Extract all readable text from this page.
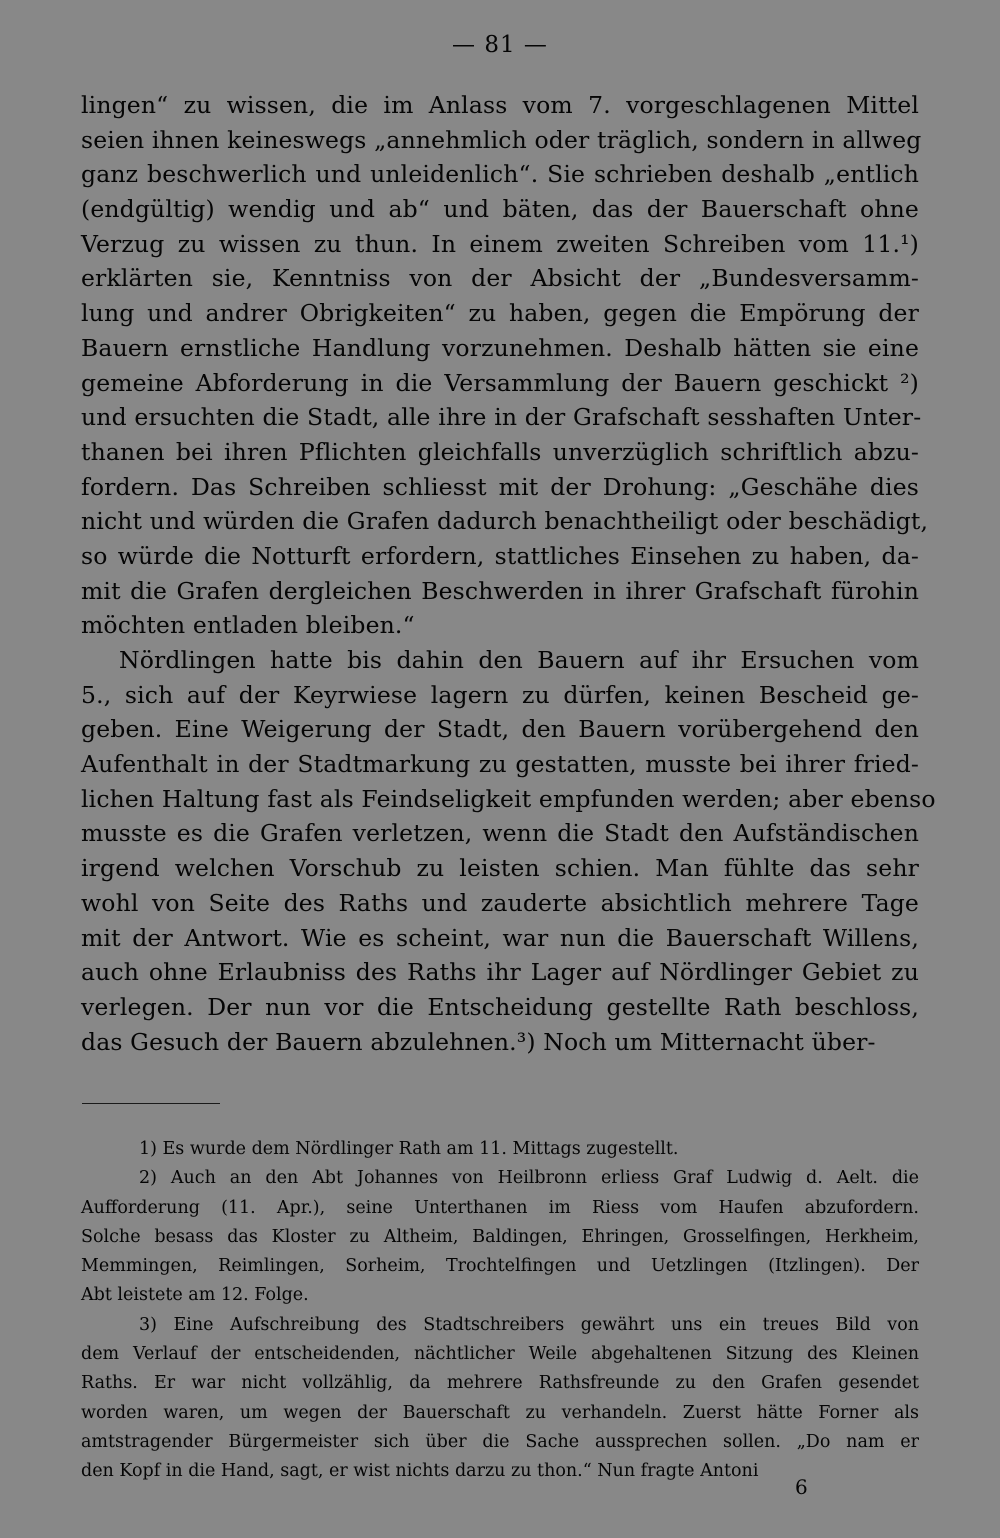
— 81 —
lingen“ zu wissen, die im Anlass vom 7. vorgeschlagenen Mittel
seien ihnen keineswegs „annehmlich oder träglich, sondern in allweg
ganz beschwerlich und unleidenlich“. Sie schrieben deshalb „entlich
(endgültig) wendig und ab“ und bäten, das der Bauerschaft ohne
Verzug zu wissen zu thun. In einem zweiten Schreiben vom 11.¹)
erklärten sie, Kenntniss von der Absicht der „Bundesversamm-
lung und andrer Obrigkeiten“ zu haben, gegen die Empörung der
Bauern ernstliche Handlung vorzunehmen. Deshalb hätten sie eine
gemeine Abforderung in die Versammlung der Bauern geschickt ²)
und ersuchten die Stadt, alle ihre in der Grafschaft sesshaften Unter-
thanen bei ihren Pflichten gleichfalls unverzüglich schriftlich abzu-
fordern. Das Schreiben schliesst mit der Drohung: „Geschähe dies
nicht und würden die Grafen dadurch benachtheiligt oder beschädigt,
so würde die Notturft erfordern, stattliches Einsehen zu haben, da-
mit die Grafen dergleichen Beschwerden in ihrer Grafschaft fürohin
möchten entladen bleiben.“
Nördlingen hatte bis dahin den Bauern auf ihr Ersuchen vom
5., sich auf der Keyrwiese lagern zu dürfen, keinen Bescheid ge-
geben. Eine Weigerung der Stadt, den Bauern vorübergehend den
Aufenthalt in der Stadtmarkung zu gestatten, musste bei ihrer fried-
lichen Haltung fast als Feindseligkeit empfunden werden; aber ebenso
musste es die Grafen verletzen, wenn die Stadt den Aufständischen
irgend welchen Vorschub zu leisten schien. Man fühlte das sehr
wohl von Seite des Raths und zauderte absichtlich mehrere Tage
mit der Antwort. Wie es scheint, war nun die Bauerschaft Willens,
auch ohne Erlaubniss des Raths ihr Lager auf Nördlinger Gebiet zu
verlegen. Der nun vor die Entscheidung gestellte Rath beschloss,
das Gesuch der Bauern abzulehnen.³) Noch um Mitternacht über-
1) Es wurde dem Nördlinger Rath am 11. Mittags zugestellt.
2) Auch an den Abt Johannes von Heilbronn erliess Graf Ludwig d. Aelt. die
Aufforderung (11. Apr.), seine Unterthanen im Riess vom Haufen abzufordern.
Solche besass das Kloster zu Altheim, Baldingen, Ehringen, Grosselfingen, Herkheim,
Memmingen, Reimlingen, Sorheim, Trochtelfingen und Uetzlingen (Itzlingen). Der
Abt leistete am 12. Folge.
3) Eine Aufschreibung des Stadtschreibers gewährt uns ein treues Bild von
dem Verlauf der entscheidenden, nächtlicher Weile abgehaltenen Sitzung des Kleinen
Raths. Er war nicht vollzählig, da mehrere Rathsfreunde zu den Grafen gesendet
worden waren, um wegen der Bauerschaft zu verhandeln. Zuerst hätte Forner als
amtstragender Bürgermeister sich über die Sache aussprechen sollen. „Do nam er
den Kopf in die Hand, sagt, er wist nichts darzu zu thon.“ Nun fragte Antoni
6
